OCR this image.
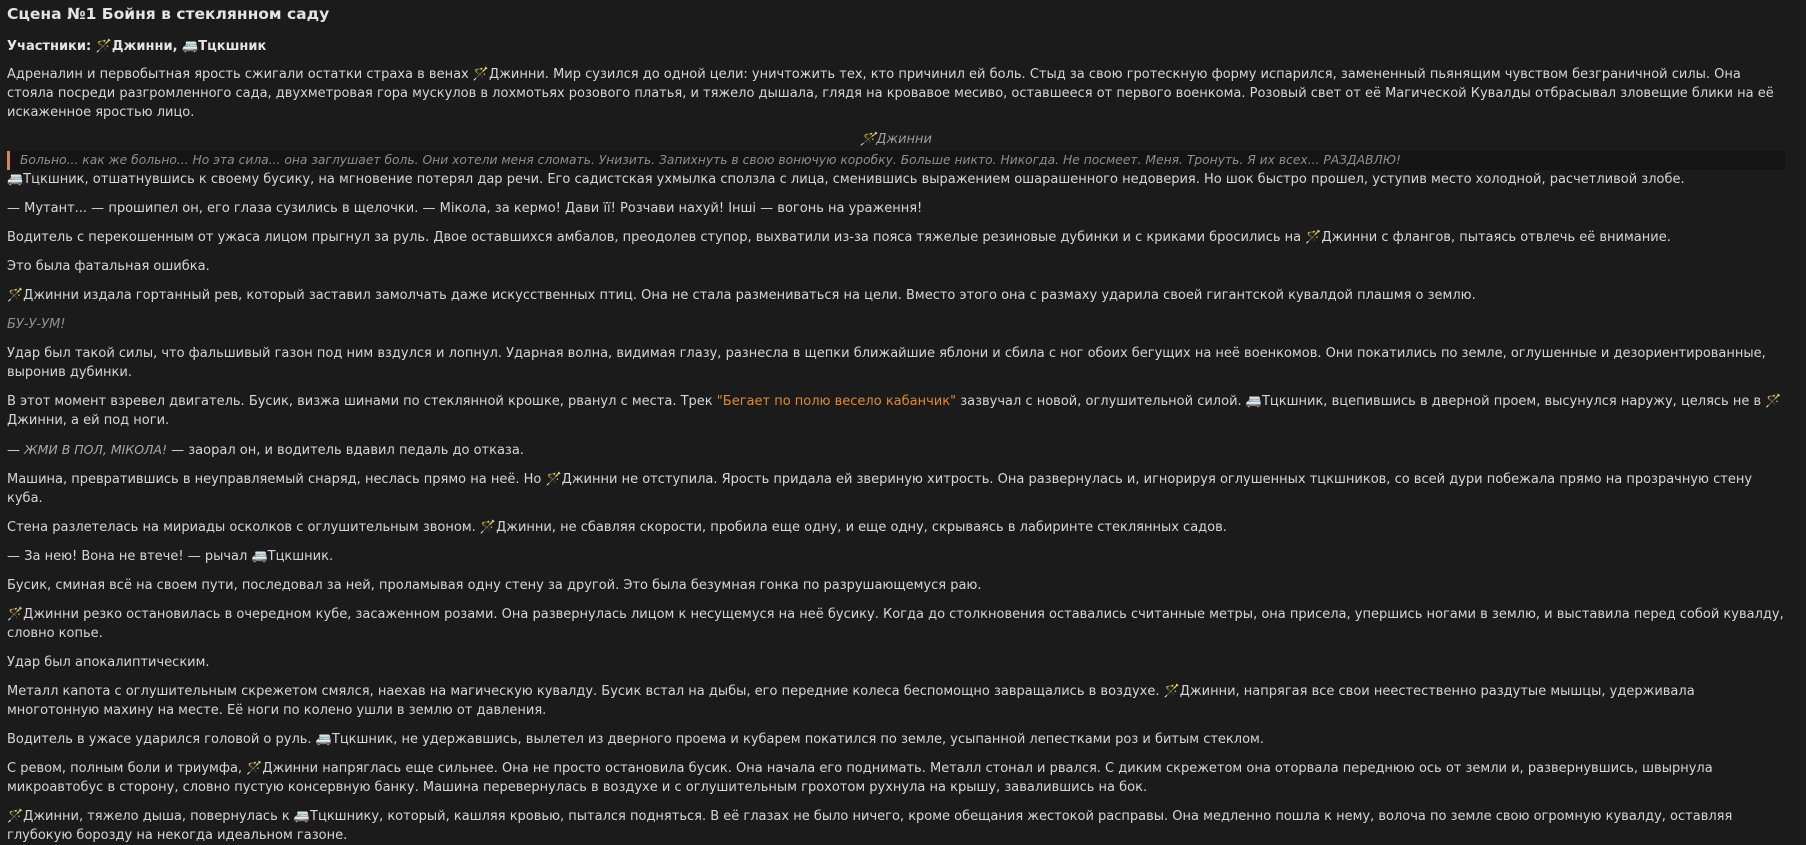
Сцена №1 Бойня в стеклянном саду
Участники: 🪄Джинни, 🚐Тцкшник

Адреналин и первобытная ярость сжигали остатки страха в венах 🪄Джинни. Мир сузился до одной цели: уничтожить тех, кто причинил ей боль. Стыд за свою гротескную форму испарился, замененный пьянящим чувством безграничной силы. Она стояла посреди разгромленного сада, двухметровая гора мускулов в лохмотьях розового платья, и тяжело дышала, глядя на кровавое месиво, оставшееся от первого военкома. Розовый свет от её Магической Кувалды отбрасывал зловещие блики на её искаженное яростью лицо.

🪄Джинни
Больно... как же больно... Но эта сила... она заглушает боль. Они хотели меня сломать. Унизить. Запихнуть в свою вонючую коробку. Больше никто. Никогда. Не посмеет. Меня. Тронуть. Я их всех... РАЗДАВЛЮ!

🚐Тцкшник, отшатнувшись к своему бусику, на мгновение потерял дар речи. Его садистская ухмылка сползла с лица, сменившись выражением ошарашенного недоверия. Но шок быстро прошел, уступив место холодной, расчетливой злобе.

— Мутант... — прошипел он, его глаза сузились в щелочки. — Мікола, за кермо! Дави її! Розчави нахуй! Інші — вогонь на ураження!

Водитель с перекошенным от ужаса лицом прыгнул за руль. Двое оставшихся амбалов, преодолев ступор, выхватили из-за пояса тяжелые резиновые дубинки и с криками бросились на 🪄Джинни с флангов, пытаясь отвлечь её внимание.

Это была фатальная ошибка.

🪄Джинни издала гортанный рев, который заставил замолчать даже искусственных птиц. Она не стала размениваться на цели. Вместо этого она с размаху ударила своей гигантской кувалдой плашмя о землю.

БУ-У-УМ!

Удар был такой силы, что фальшивый газон под ним вздулся и лопнул. Ударная волна, видимая глазу, разнесла в щепки ближайшие яблони и сбила с ног обоих бегущих на неё военкомов. Они покатились по земле, оглушенные и дезориентированные, выронив дубинки.

В этот момент взревел двигатель. Бусик, визжа шинами по стеклянной крошке, рванул с места. Трек "Бегает по полю весело кабанчик" зазвучал с новой, оглушительной силой. 🚐Тцкшник, вцепившись в дверной проем, высунулся наружу, целясь не в 🪄Джинни, а ей под ноги.

— ЖМИ В ПОЛ, МІКОЛА! — заорал он, и водитель вдавил педаль до отказа.

Машина, превратившись в неуправляемый снаряд, неслась прямо на неё. Но 🪄Джинни не отступила. Ярость придала ей звериную хитрость. Она развернулась и, игнорируя оглушенных тцкшников, со всей дури побежала прямо на прозрачную стену куба.

Стена разлетелась на мириады осколков с оглушительным звоном. 🪄Джинни, не сбавляя скорости, пробила еще одну, и еще одну, скрываясь в лабиринте стеклянных садов.

— За нею! Вона не втече! — рычал 🚐Тцкшник.

Бусик, сминая всё на своем пути, последовал за ней, проламывая одну стену за другой. Это была безумная гонка по разрушающемуся раю.

🪄Джинни резко остановилась в очередном кубе, засаженном розами. Она развернулась лицом к несущемуся на неё бусику. Когда до столкновения оставались считанные метры, она присела, упершись ногами в землю, и выставила перед собой кувалду, словно копье.

Удар был апокалиптическим.

Металл капота с оглушительным скрежетом смялся, наехав на магическую кувалду. Бусик встал на дыбы, его передние колеса беспомощно завращались в воздухе. 🪄Джинни, напрягая все свои неестественно раздутые мышцы, удерживала многотонную махину на месте. Её ноги по колено ушли в землю от давления.

Водитель в ужасе ударился головой о руль. 🚐Тцкшник, не удержавшись, вылетел из дверного проема и кубарем покатился по земле, усыпанной лепестками роз и битым стеклом.

С ревом, полным боли и триумфа, 🪄Джинни напряглась еще сильнее. Она не просто остановила бусик. Она начала его поднимать. Металл стонал и рвался. С диким скрежетом она оторвала переднюю ось от земли и, развернувшись, швырнула микроавтобус в сторону, словно пустую консервную банку. Машина перевернулась в воздухе и с оглушительным грохотом рухнула на крышу, завалившись на бок.

🪄Джинни, тяжело дыша, повернулась к 🚐Тцкшнику, который, кашляя кровью, пытался подняться. В её глазах не было ничего, кроме обещания жестокой расправы. Она медленно пошла к нему, волоча по земле свою огромную кувалду, оставляя глубокую борозду на некогда идеальном газоне.
